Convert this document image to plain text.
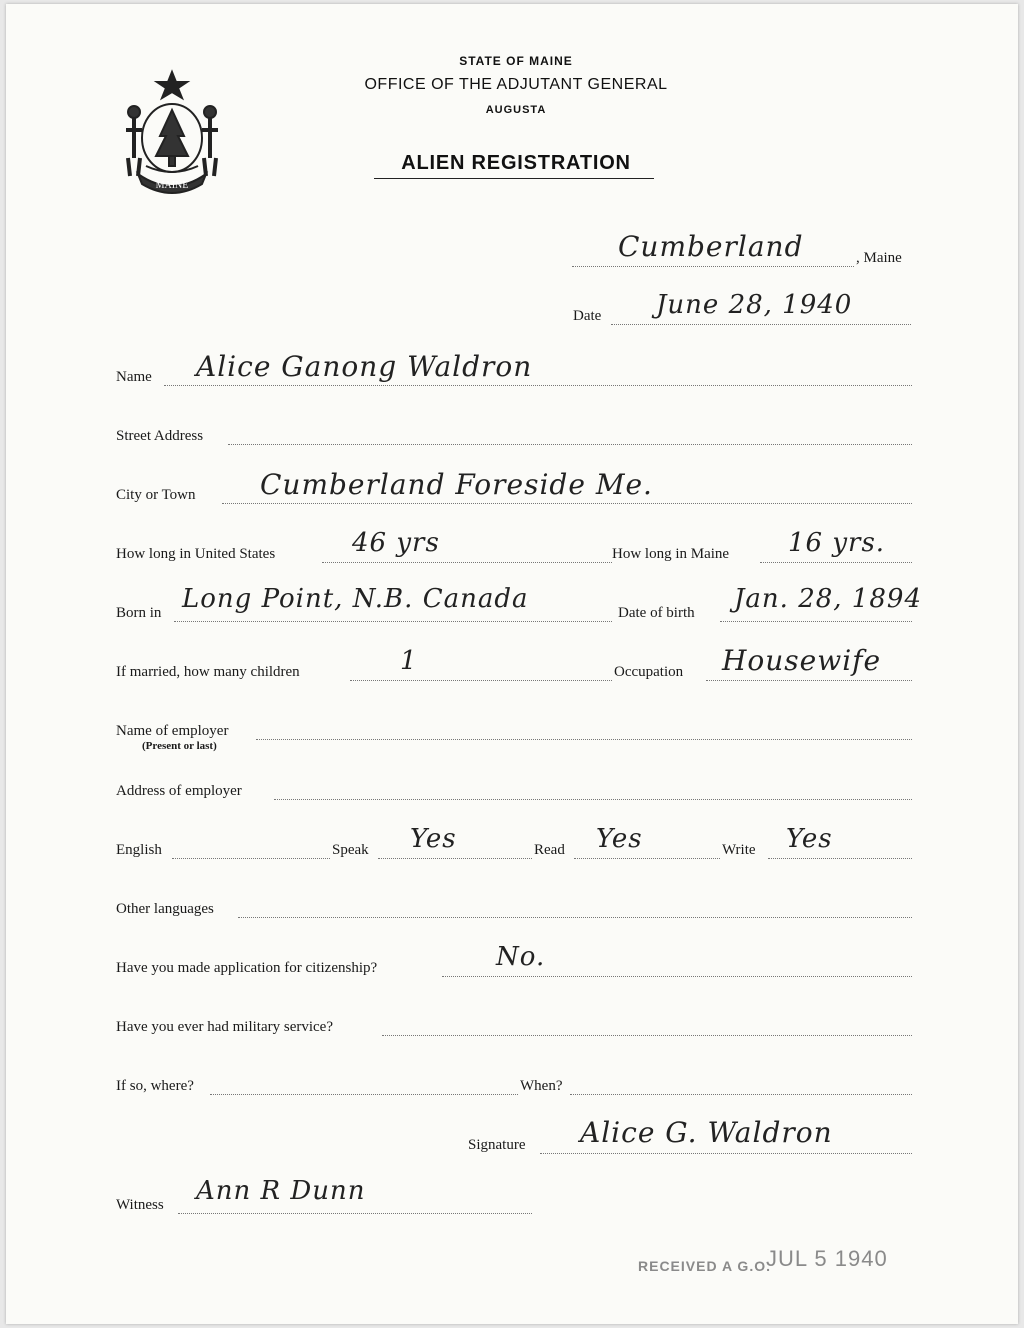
MAINE
STATE OF MAINE
OFFICE OF THE ADJUTANT GENERAL
AUGUSTA
ALIEN REGISTRATION
Cumberland	, Maine
Date June 28, 1940
Name Alice Ganong Waldron
Street Address
City or Town Cumberland Foreside Me.
How long in United States	46 yrs	How long in Maine 16 yrs.
Born in Long Point, N.B. Canada	Date of birth Jan. 28, 1894
If married, how many children	1	Occupation Housewife
Name of employer
(Present or last)
Address of employer
English	Speak Yes	Read Yes	Write Yes
Other languages
Have you made application for citizenship?	No.
Have you ever had military service?
If so, where?	When?
Signature Alice G. Waldron
Witness Ann R Dunn
RECEIVED A G.O.
JUL 5 1940
